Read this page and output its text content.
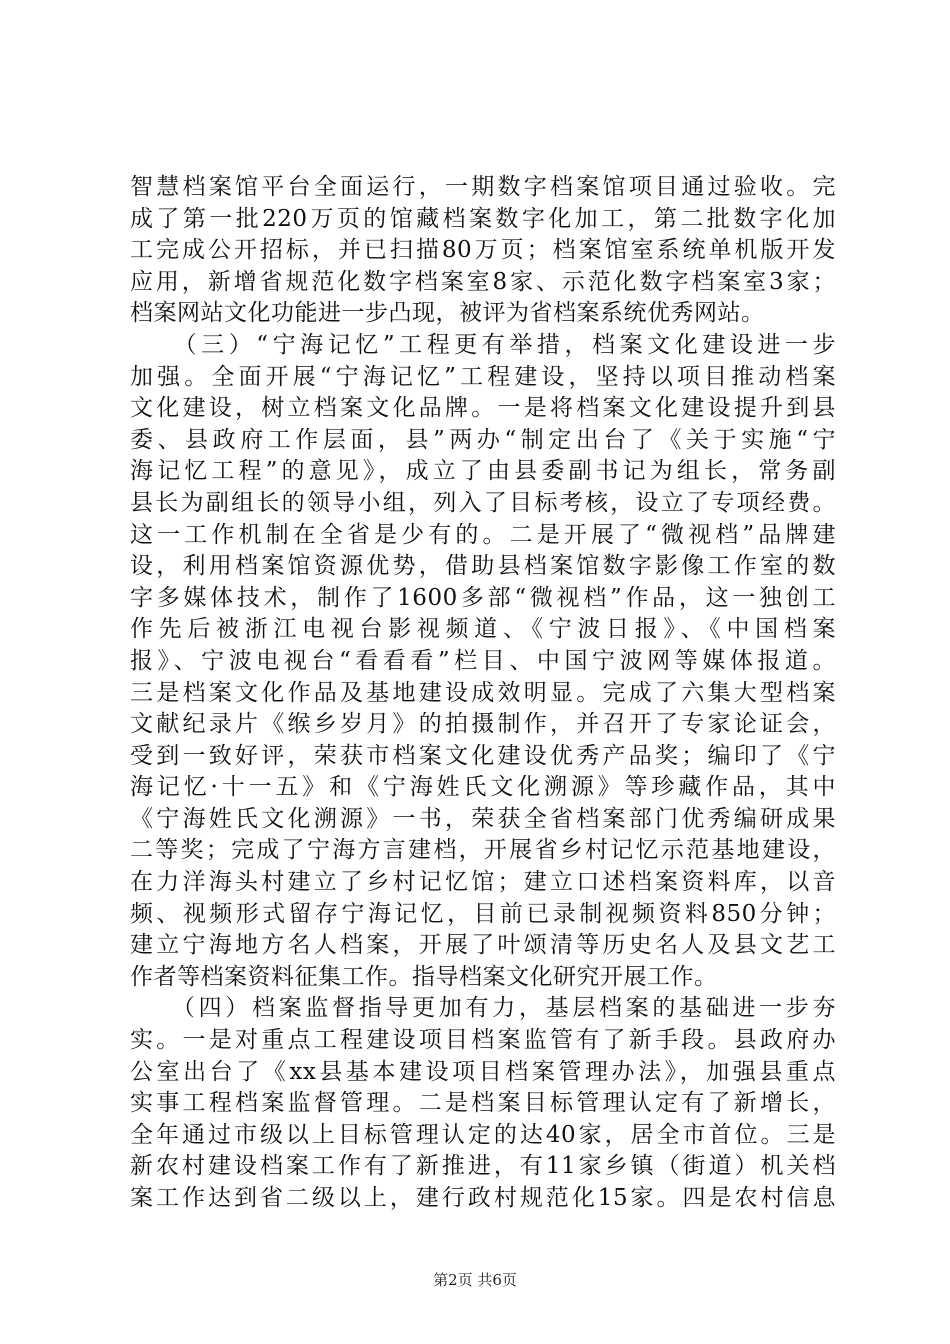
智慧档案馆平台全面运行，一期数字档案馆项目通过验收。完
成了第一批220万页的馆藏档案数字化加工，第二批数字化加
工完成公开招标，并已扫描80万页；档案馆室系统单机版开发
应用，新增省规范化数字档案室8家、示范化数字档案室3家；
档案网站文化功能进一步凸现，被评为省档案系统优秀网站。
　　（三）“宁海记忆”工程更有举措，档案文化建设进一步
加强。全面开展“宁海记忆”工程建设，坚持以项目推动档案
文化建设，树立档案文化品牌。一是将档案文化建设提升到县
委、县政府工作层面，县”两办“制定出台了《关于实施“宁
海记忆工程”的意见》，成立了由县委副书记为组长，常务副
县长为副组长的领导小组，列入了目标考核，设立了专项经费。
这一工作机制在全省是少有的。二是开展了“微视档”品牌建
设，利用档案馆资源优势，借助县档案馆数字影像工作室的数
字多媒体技术，制作了1600多部“微视档”作品，这一独创工
作先后被浙江电视台影视频道、《宁波日报》、《中国档案
报》、宁波电视台“看看看”栏目、中国宁波网等媒体报道。
三是档案文化作品及基地建设成效明显。完成了六集大型档案
文献纪录片《缑乡岁月》的拍摄制作，并召开了专家论证会，
受到一致好评，荣获市档案文化建设优秀产品奖；编印了《宁
海记忆·十一五》和《宁海姓氏文化溯源》等珍藏作品，其中
《宁海姓氏文化溯源》一书，荣获全省档案部门优秀编研成果
二等奖；完成了宁海方言建档，开展省乡村记忆示范基地建设，
在力洋海头村建立了乡村记忆馆；建立口述档案资料库，以音
频、视频形式留存宁海记忆，目前已录制视频资料850分钟；
建立宁海地方名人档案，开展了叶颂清等历史名人及县文艺工
作者等档案资料征集工作。指导档案文化研究开展工作。
　　（四）档案监督指导更加有力，基层档案的基础进一步夯
实。一是对重点工程建设项目档案监管有了新手段。县政府办
公室出台了《xx县基本建设项目档案管理办法》，加强县重点
实事工程档案监督管理。二是档案目标管理认定有了新增长，
全年通过市级以上目标管理认定的达40家，居全市首位。三是
新农村建设档案工作有了新推进，有11家乡镇（街道）机关档
案工作达到省二级以上，建行政村规范化15家。四是农村信息
第2页 共6页
